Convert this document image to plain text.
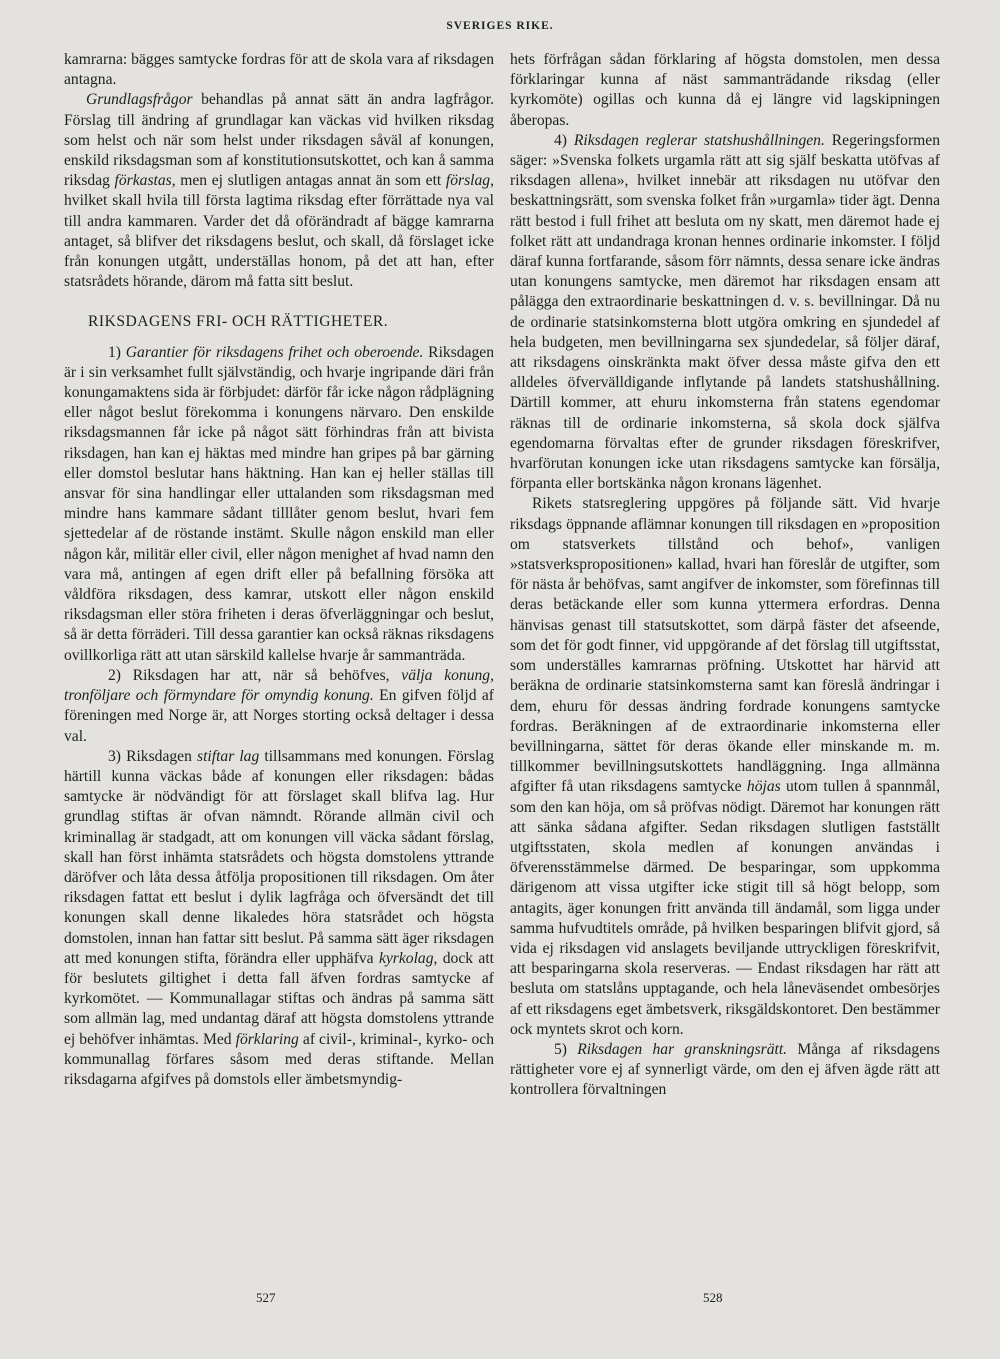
SVERIGES RIKE.

kamrarna: bägges samtycke fordras för att de skola vara af riksdagen antagna.

Grundlagsfrågor behandlas på annat sätt än andra lagfrågor. Förslag till ändring af grundlagar kan väckas vid hvilken riksdag som helst och när som helst under riksdagen såväl af konungen, enskild riksdagsman som af konstitutionsutskottet, och kan å samma riksdag förkastas, men ej slutligen antagas annat än som ett förslag, hvilket skall hvila till första lagtima riksdag efter förrättade nya val till andra kammaren. Varder det då oförändradt af bägge kamrarna antaget, så blifver det riksdagens beslut, och skall, då förslaget icke från konungen utgått, underställas honom, på det att han, efter statsrådets hörande, därom må fatta sitt beslut.

RIKSDAGENS FRI- OCH RÄTTIGHETER.

1) Garantier för riksdagens frihet och oberoende. Riksdagen är i sin verksamhet fullt självständig, och hvarje ingripande däri från konungamaktens sida är förbjudet: därför får icke någon rådplägning eller något beslut förekomma i konungens närvaro. Den enskilde riksdagsmannen får icke på något sätt förhindras från att bivista riksdagen, han kan ej häktas med mindre han gripes på bar gärning eller domstol beslutar hans häktning. Han kan ej heller ställas till ansvar för sina handlingar eller uttalanden som riksdagsman med mindre hans kammare sådant tilllåter genom beslut, hvari fem sjettedelar af de röstande instämt. Skulle någon enskild man eller någon kår, militär eller civil, eller någon menighet af hvad namn den vara må, antingen af egen drift eller på befallning försöka att våldföra riksdagen, dess kamrar, utskott eller någon enskild riksdagsman eller störa friheten i deras öfverläggningar och beslut, så är detta förräderi. Till dessa garantier kan också räknas riksdagens ovillkorliga rätt att utan särskild kallelse hvarje år sammanträda.

2) Riksdagen har att, när så behöfves, välja konung, tronföljare och förmyndare för omyndig konung. En gifven följd af föreningen med Norge är, att Norges storting också deltager i dessa val.

3) Riksdagen stiftar lag tillsammans med konungen. Förslag härtill kunna väckas både af konungen eller riksdagen: bådas samtycke är nödvändigt för att förslaget skall blifva lag. Hur grundlag stiftas är ofvan nämndt. Rörande allmän civil och kriminallag är stadgadt, att om konungen vill väcka sådant förslag, skall han först inhämta statsrådets och högsta domstolens yttrande däröfver och låta dessa åtfölja propositionen till riksdagen. Om åter riksdagen fattat ett beslut i dylik lagfråga och öfversändt det till konungen skall denne likaledes höra statsrådet och högsta domstolen, innan han fattar sitt beslut. På samma sätt äger riksdagen att med konungen stifta, förändra eller upphäfva kyrkolag, dock att för beslutets giltighet i detta fall äfven fordras samtycke af kyrkomötet. — Kommunallagar stiftas och ändras på samma sätt som allmän lag, med undantag däraf att högsta domstolens yttrande ej behöfver inhämtas. Med förklaring af civil-, kriminal-, kyrko- och kommunallag förfares såsom med deras stiftande. Mellan riksdagarna afgifves på domstols eller ämbetsmyndig-

hets förfrågan sådan förklaring af högsta domstolen, men dessa förklaringar kunna af näst sammanträdande riksdag (eller kyrkomöte) ogillas och kunna då ej längre vid lagskipningen åberopas.

4) Riksdagen reglerar statshushållningen. Regeringsformen säger: »Svenska folkets urgamla rätt att sig själf beskatta utöfvas af riksdagen allena», hvilket innebär att riksdagen nu utöfvar den beskattningsrätt, som svenska folket från »urgamla» tider ägt. Denna rätt bestod i full frihet att besluta om ny skatt, men däremot hade ej folket rätt att undandraga kronan hennes ordinarie inkomster. I följd däraf kunna fortfarande, såsom förr nämnts, dessa senare icke ändras utan konungens samtycke, men däremot har riksdagen ensam att pålägga den extraordinarie beskattningen d. v. s. bevillningar. Då nu de ordinarie statsinkomsterna blott utgöra omkring en sjundedel af hela budgeten, men bevillningarna sex sjundedelar, så följer däraf, att riksdagens oinskränkta makt öfver dessa måste gifva den ett alldeles öfvervälldigande inflytande på landets statshushållning. Därtill kommer, att ehuru inkomsterna från statens egendomar räknas till de ordinarie inkomsterna, så skola dock själfva egendomarna förvaltas efter de grunder riksdagen föreskrifver, hvarförutan konungen icke utan riksdagens samtycke kan försälja, förpanta eller bortskänka någon kronans lägenhet.

Rikets statsreglering uppgöres på följande sätt. Vid hvarje riksdags öppnande aflämnar konungen till riksdagen en »proposition om statsverkets tillstånd och behof», vanligen »statsverkspropositionen» kallad, hvari han föreslår de utgifter, som för nästa år behöfvas, samt angifver de inkomster, som förefinnas till deras betäckande eller som kunna yttermera erfordras. Denna hänvisas genast till statsutskottet, som därpå fäster det afseende, som det för godt finner, vid uppgörande af det förslag till utgiftsstat, som underställes kamrarnas pröfning. Utskottet har härvid att beräkna de ordinarie statsinkomsterna samt kan föreslå ändringar i dem, ehuru för dessas ändring fordrade konungens samtycke fordras. Beräkningen af de extraordinarie inkomsterna eller bevillningarna, sättet för deras ökande eller minskande m. m. tillkommer bevillningsutskottets handläggning. Inga allmänna afgifter få utan riksdagens samtycke höjas utom tullen å spannmål, som den kan höja, om så pröfvas nödigt. Däremot har konungen rätt att sänka sådana afgifter. Sedan riksdagen slutligen fastställt utgiftsstaten, skola medlen af konungen användas i öfverensstämmelse därmed. De besparingar, som uppkomma därigenom att vissa utgifter icke stigit till så högt belopp, som antagits, äger konungen fritt använda till ändamål, som ligga under samma hufvudtitels område, på hvilken besparingen blifvit gjord, så vida ej riksdagen vid anslagets beviljande uttryckligen föreskrifvit, att besparingarna skola reserveras. — Endast riksdagen har rätt att besluta om statslåns upptagande, och hela låneväsendet ombesörjes af ett riksdagens eget ämbetsverk, riksgäldskontoret. Den bestämmer ock myntets skrot och korn.

5) Riksdagen har granskningsrätt. Många af riksdagens rättigheter vore ej af synnerligt värde, om den ej äfven ägde rätt att kontrollera förvaltningen

527	528
